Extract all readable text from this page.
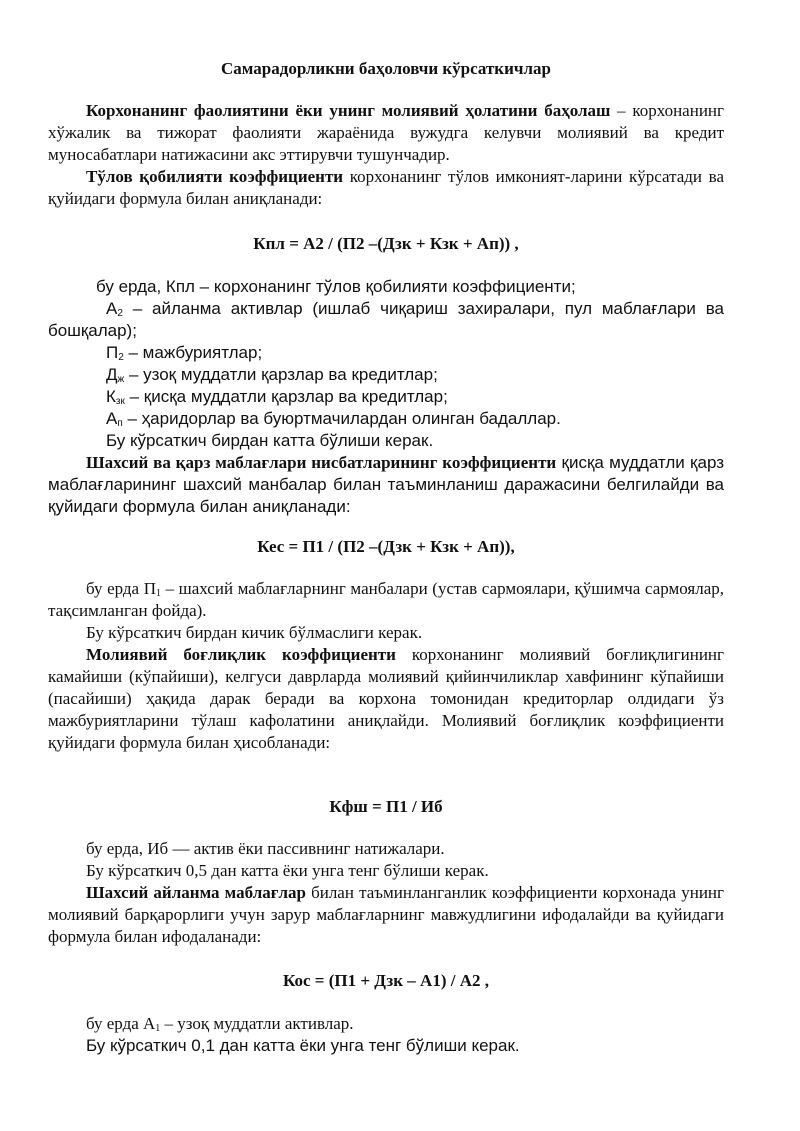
Самарадорликни баҳоловчи кўрсаткичлар

Корхонанинг фаолиятини ёки унинг молиявий ҳолатини баҳолаш – корхонанинг хўжалик ва тижорат фаолияти жараёнида вужудга келувчи молиявий ва кредит муносабатлари натижасини акс эттирувчи тушунчадир.

Тўлов қобилияти коэффициенти корхонанинг тўлов имконият-ларини кўрсатади ва қуйидаги формула билан аниқланади:

Кпл = А2 / (П2 –(Дзк + Кзк + Ап)) ,
бу ерда, Кпл – корхонанинг тўлов қобилияти коэффициенти;

$А_2$ – айланма активлар (ишлаб чиқариш захиралари, пул маблағлари ва бошқалар);

$П_2$ – мажбуриятлар;
$Д_ж$ – узоқ муддатли қарзлар ва кредитлар;
$К_{зк}$ – қисқа муддатли қарзлар ва кредитлар;
$А_п$ – ҳаридорлар ва буюртмачилардан олинган бадаллар.
Бу кўрсаткич бирдан катта бўлиши керак.

Шахсий ва қарз маблағлари нисбатларининг коэффициенти қисқа муддатли қарз маблағларининг шахсий манбалар билан таъминланиш даражасини белгилайди ва қуйидаги формула билан аниқланади:

Кес = П1 / (П2 –(Дзк + Кзк + Ап)),

бу ерда $П_1$ – шахсий маблағларнинг манбалари (устав сармоялари, қўшимча сармоялар, тақсимланган фойда).

Бу кўрсаткич бирдан кичик бўлмаслиги керак.

Молиявий боғлиқлик коэффициенти корхонанинг молиявий боғлиқлигининг камайиши (кўпайиши), келгуси даврларда молиявий қийинчиликлар хавфининг кўпайиши (пасайиши) ҳақида дарак беради ва корхона томонидан кредиторлар олдидаги ўз мажбуриятларини тўлаш кафолатини аниқлайди. Молиявий боғлиқлик коэффициенти қуйидаги формула билан ҳисобланади:

Кфш = П1 / Иб
бу ерда, Иб — актив ёки пассивнинг натижалари.
Бу кўрсаткич 0,5 дан катта ёки унга тенг бўлиши керак.

Шахсий айланма маблағлар билан таъминланганлик коэффициенти корхонада унинг молиявий барқарорлиги учун зарур маблағларнинг мавжудлигини ифодалайди ва қуйидаги формула билан ифодаланади:

Кос = (П1 + Дзк – А1) / А2 ,
бу ерда $А_1$ – узоқ муддатли активлар.
Бу кўрсаткич 0,1 дан катта ёки унга тенг бўлиши керак.
